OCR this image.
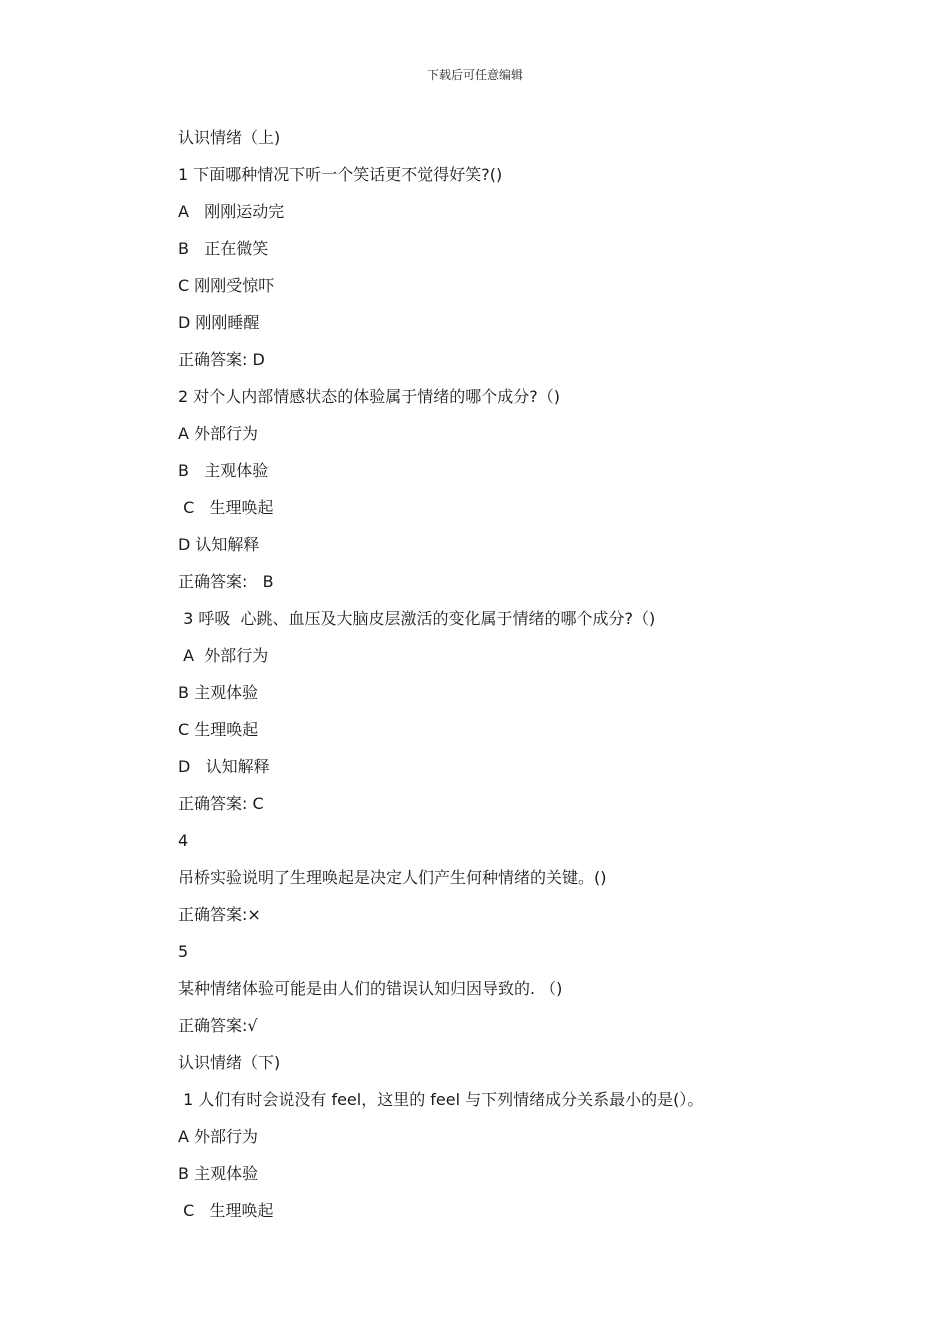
下载后可任意编辑
认识情绪（上)
1 下面哪种情况下听一个笑话更不觉得好笑?()
A   刚刚运动完
B   正在微笑
C 刚刚受惊吓
D 刚刚睡醒
正确答案: D
2 对个人内部情感状态的体验属于情绪的哪个成分?（)
A 外部行为
B   主观体验
C   生理唤起
D 认知解释
正确答案:   B
3 呼吸  心跳、血压及大脑皮层激活的变化属于情绪的哪个成分?（)
A  外部行为
B 主观体验
C 生理唤起
D   认知解释
正确答案: C
4
吊桥实验说明了生理唤起是决定人们产生何种情绪的关键。()
正确答案:×
5
某种情绪体验可能是由人们的错误认知归因导致的. （)
正确答案:√
认识情绪（下)
1 人们有时会说没有 feel，这里的 feel 与下列情绪成分关系最小的是(）。
A 外部行为
B 主观体验
C   生理唤起
